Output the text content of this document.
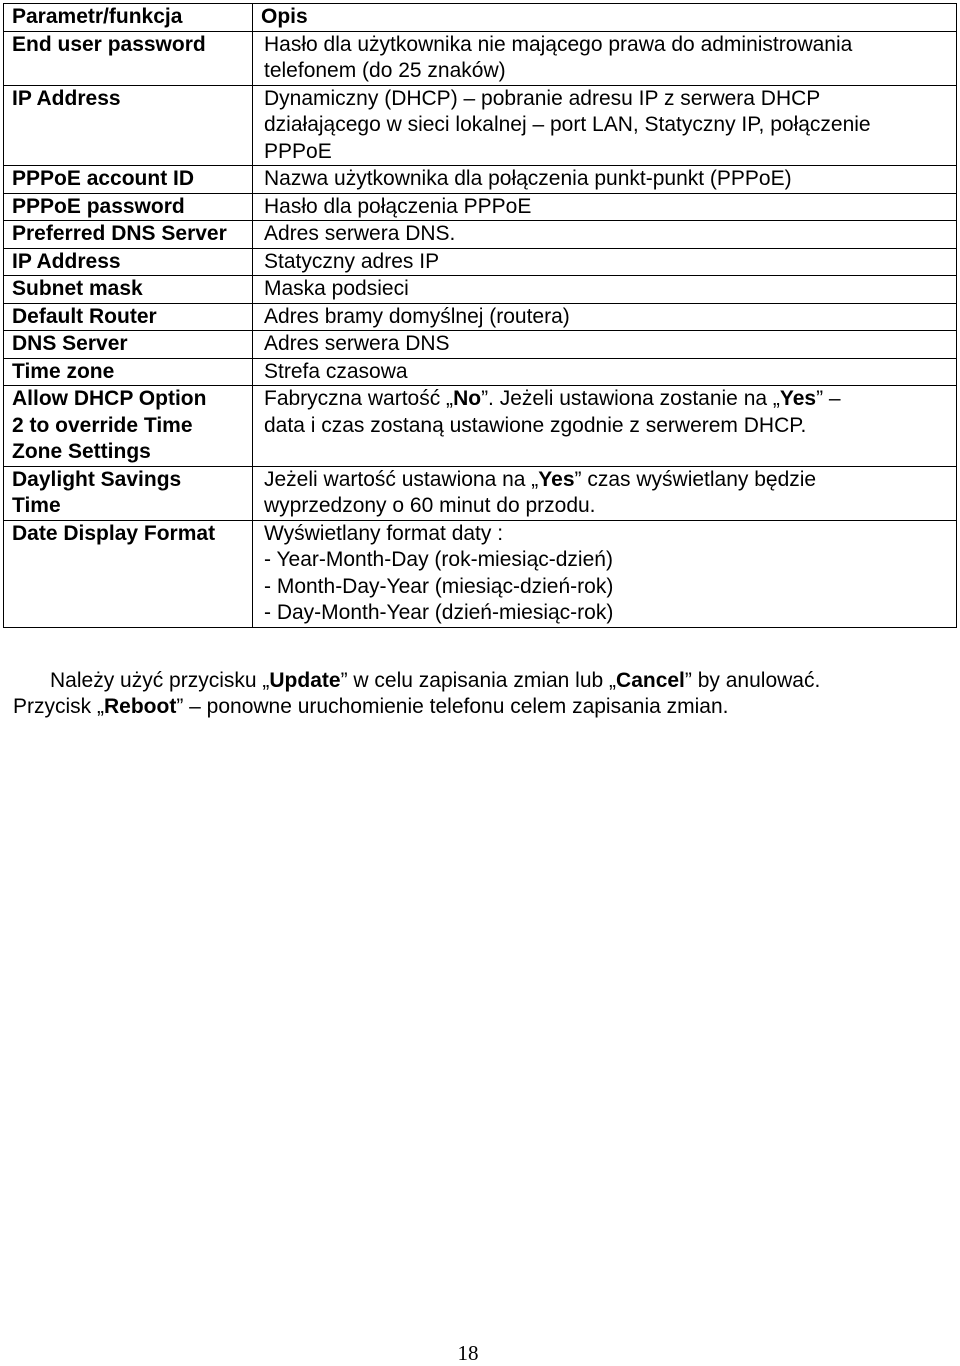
Parametr/funkcja	Opis
End user password	Hasło dla użytkownika nie mającego prawa do administrowania
telefonem (do 25 znaków)

IP Address	Dynamiczny (DHCP) – pobranie adresu IP z serwera DHCP
działającego w sieci lokalnej – port LAN, Statyczny IP, połączenie
PPPoE

PPPoE account ID	Nazwa użytkownika dla połączenia punkt-punkt (PPPoE)

PPPoE password	Hasło dla połączenia PPPoE

Preferred DNS Server	Adres serwera DNS.

IP Address	Statyczny adres IP

Subnet mask	Maska podsieci

Default Router	Adres bramy domyślnej (routera)

DNS Server	Adres serwera DNS

Time zone	Strefa czasowa

Allow DHCP Option
2 to override Time
Zone Settings	Fabryczna wartość „No”. Jeżeli ustawiona zostanie na „Yes” –
data i czas zostaną ustawione zgodnie z serwerem DHCP.

Daylight Savings
Time	Jeżeli wartość ustawiona na „Yes” czas wyświetlany będzie
wyprzedzony o 60 minut do przodu.

Date Display Format	Wyświetlany format daty :
- Year-Month-Day (rok-miesiąc-dzień)
- Month-Day-Year (miesiąc-dzień-rok)
- Day-Month-Year (dzień-miesiąc-rok)
Należy użyć przycisku „Update” w celu zapisania zmian lub „Cancel” by anulować.
Przycisk „Reboot” – ponowne uruchomienie telefonu celem zapisania zmian.
18
